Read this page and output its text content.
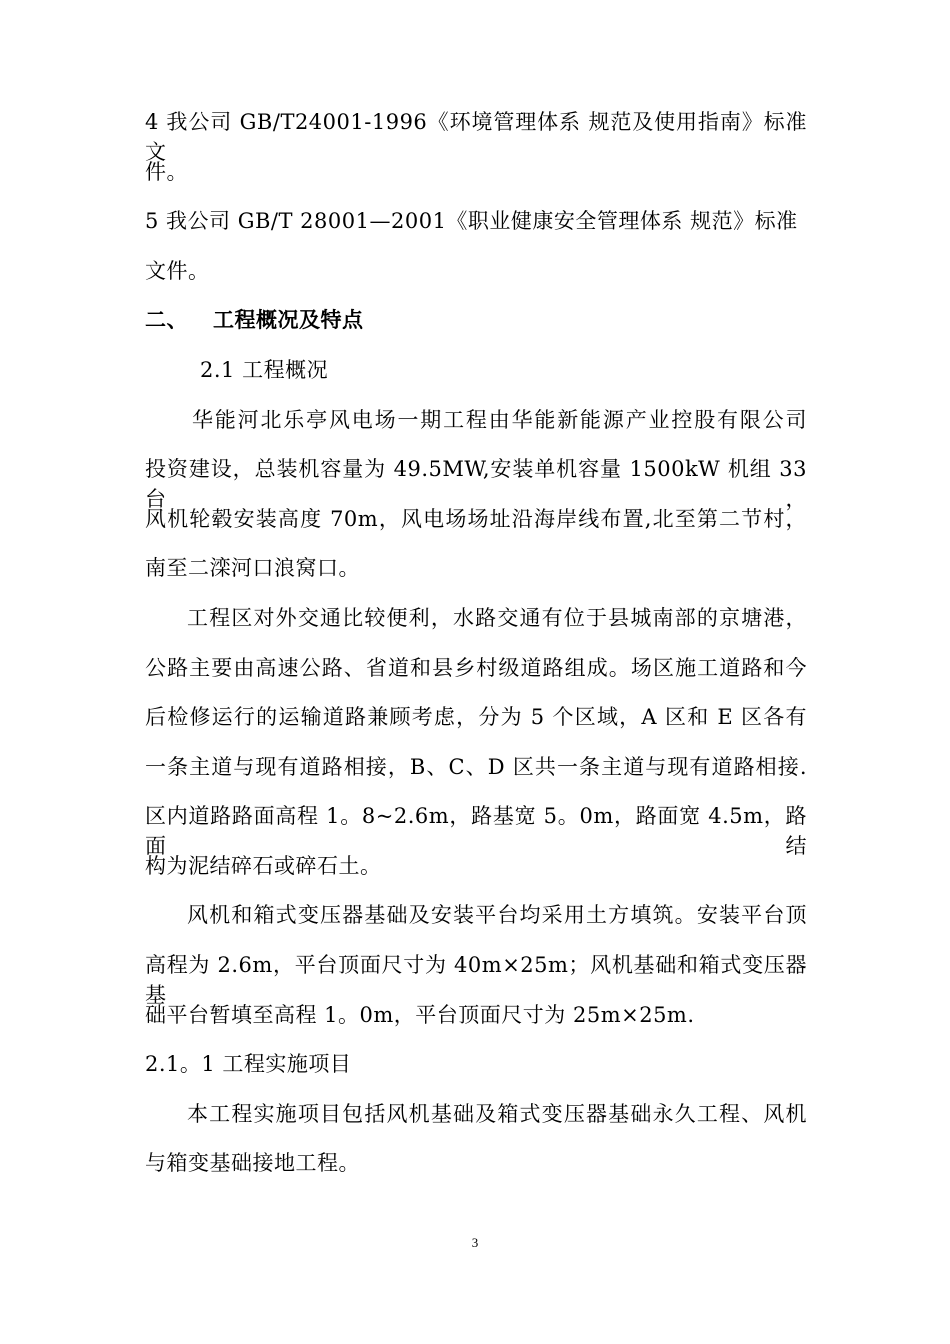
4 我公司 GB/T24001-1996《环境管理体系 规范及使用指南》标准文
件。
5 我公司 GB/T 28001—2001《职业健康安全管理体系 规范》标准
文件。
二、 工程概况及特点
2.1 工程概况
华能河北乐亭风电场一期工程由华能新能源产业控股有限公司
投资建设，总装机容量为 49.5MW,安装单机容量 1500kW 机组 33 台，
风机轮毂安装高度 70m，风电场场址沿海岸线布置,北至第二节村，
南至二滦河口浪窝口。
工程区对外交通比较便利，水路交通有位于县城南部的京塘港，
公路主要由高速公路、省道和县乡村级道路组成。场区施工道路和今
后检修运行的运输道路兼顾考虑，分为 5 个区域，A 区和 E 区各有
一条主道与现有道路相接，B、C、D 区共一条主道与现有道路相接.
区内道路路面高程 1。8~2.6m，路基宽 5。0m，路面宽 4.5m，路面结
构为泥结碎石或碎石土。
风机和箱式变压器基础及安装平台均采用土方填筑。安装平台顶
高程为 2.6m，平台顶面尺寸为 40m×25m；风机基础和箱式变压器基
础平台暂填至高程 1。0m，平台顶面尺寸为 25m×25m.
2.1。1 工程实施项目
本工程实施项目包括风机基础及箱式变压器基础永久工程、风机
与箱变基础接地工程。
3
